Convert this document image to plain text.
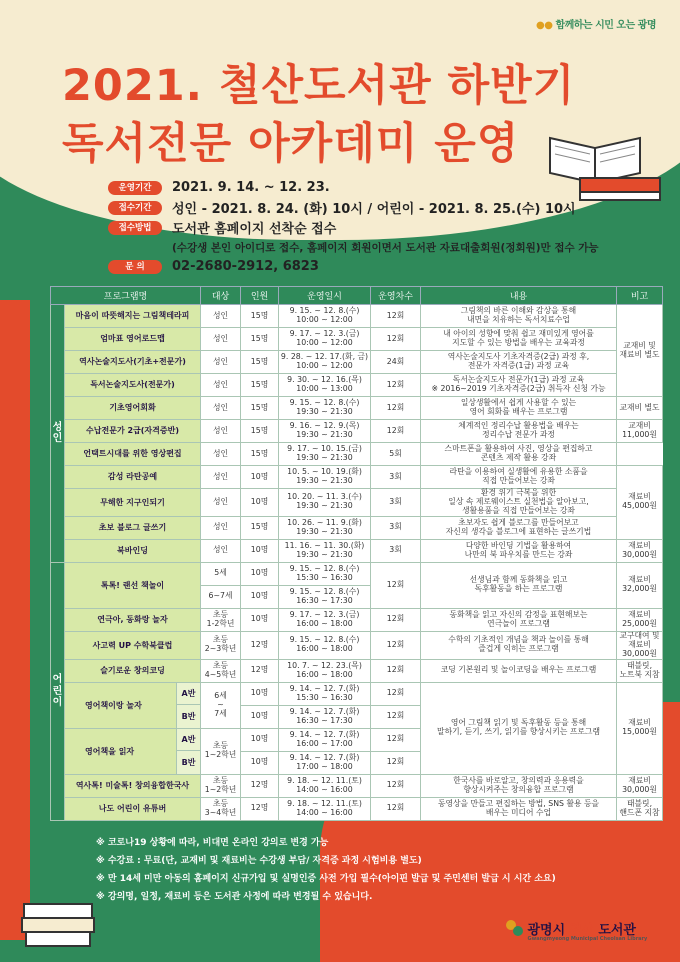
●● 함께하는 시민 오는 광명
2021. 철산도서관 하반기
독서전문 아카데미 운영
운영기간	2021. 9. 14. ~ 12. 23.
접수기간	성인 - 2021. 8. 24. (화) 10시 / 어린이 - 2021. 8. 25.(수) 10시
접수방법	도서관 홈페이지 선착순 접수
(수강생 본인 아이디로 접수, 홈페이지 회원이면서 도서관 자료대출회원(정회원)만 접수 가능
문 의	02-2680-2912, 6823
프로그램명		대상	인원	운영일시	운영차수	내용	비고
성인	마음이 따뜻해지는 그림책테라피	성인	15명	9. 15. ~ 12. 8.(수)
10:00 ~ 12:00	12회	그림책의 바른 이해와 감상을 통해
내면을 치유하는 독서치료수업	교재비 및
재료비 별도
	엄마표 영어로드맵	성인	15명	9. 17. ~ 12. 3.(금)
10:00 ~ 12:00	12회	내 아이의 성향에 맞춰 쉽고 재미있게 영어를
지도할 수 있는 방법을 배우는 교육과정	
	역사논술지도사(기초+전문가)	성인	15명	9. 28. ~ 12. 17.(화, 금)
10:00 ~ 12:00	24회	역사논술지도사 기초자격증(2급) 과정 후,
전문가 자격증(1급) 과정 교육	
	독서논술지도사(전문가)	성인	15명	9. 30. ~ 12. 16.(목)
10:00 ~ 13:00	12회	독서논술지도사 전문가(1급) 과정 교육
※ 2016~2019 기초자격증(2급) 취득자 신청 가능	
	기초영어회화	성인	15명	9. 15. ~ 12. 8.(수)
19:30 ~ 21:30	12회	일상생활에서 쉽게 사용할 수 있는
영어 회화를 배우는 프로그램	교재비 별도
	수납전문가 2급(자격증반)	성인	15명	9. 16. ~ 12. 9.(목)
19:30 ~ 21:30	12회	체계적인 정리수납 활용법을 배우는
정리수납 전문가 과정	교재비
11,000원
	언택트시대를 위한 영상편집	성인	15명	9. 17. ~ 10. 15.(금)
19:30 ~ 21:30	5회	스마트폰을 활용하여 사진, 영상을 편집하고
콘텐츠 제작 활용 강좌	
	감성 라탄공예	성인	10명	10. 5. ~ 10. 19.(화)
19:30 ~ 21:30	3회	라탄을 이용하여 실생활에 유용한 소품을
직접 만들어보는 강좌	재료비
45,000원
	무해한 지구인되기	성인	10명	10. 20. ~ 11. 3.(수)
19:30 ~ 21:30	3회	환경 위기 극복을 위한
일상 속 제로웨이스트 실천법을 알아보고,
생활용품을 직접 만들어보는 강좌	
	초보 블로그 글쓰기	성인	15명	10. 26. ~ 11. 9.(화)
19:30 ~ 21:30	3회	초보자도 쉽게 블로그를 만들어보고
자신의 생각을 블로그에 표현하는 글쓰기법	
	북바인딩	성인	10명	11. 16. ~ 11. 30.(화)
19:30 ~ 21:30	3회	다양한 바인딩 기법을 활용하여
나만의 북 파우치를 만드는 강좌	재료비
30,000원
어린이	톡톡! 랜선 책놀이	5세	10명	9. 15. ~ 12. 8.(수)
15:30 ~ 16:30	12회	선생님과 함께 동화책을 읽고
독후활동을 하는 프로그램	재료비
32,000원
		6~7세	10명	9. 15. ~ 12. 8.(수)
16:30 ~ 17:30			
	연극아, 동화랑 놀자	초등
1-2학년	10명	9. 17. ~ 12. 3.(금)
16:00 ~ 18:00	12회	동화책을 읽고 자신의 감정을 표현해보는
연극놀이 프로그램	재료비
25,000원
	사고력 UP 수학북클럽	초등
2~3학년	12명	9. 15. ~ 12. 8.(수)
16:00 ~ 18:00	12회	수학의 기초적인 개념을 책과 놀이를 통해
즐겁게 익히는 프로그램	교구대여 및
재료비
30,000원
	슬기로운 창의코딩	초등
4~5학년	12명	10. 7. ~ 12. 23.(목)
16:00 ~ 18:00	12회	코딩 기본원리 및 놀이코딩을 배우는 프로그램	태블릿,
노트북 지참
	영어책이랑 놀자
A반
B반	6세
~
7세	10명	9. 14. ~ 12. 7.(화)
15:30 ~ 16:30	12회	영어 그림책 읽기 및 독후활동 등을 통해
말하기, 듣기, 쓰기, 읽기를 향상시키는 프로그램	재료비
15,000원
			10명	9. 14. ~ 12. 7.(화)
16:30 ~ 17:30	12회		
	영어책을 읽자
A반
B반	초등
1~2학년	10명	9. 14. ~ 12. 7.(화)
16:00 ~ 17:00	12회		
			10명	9. 14. ~ 12. 7.(화)
17:00 ~ 18:00	12회		
	역사톡! 미술톡! 창의융합한국사	초등
1~2학년	12명	9. 18. ~ 12. 11.(토)
14:00 ~ 16:00	12회	한국사를 바로알고, 창의력과 응용력을
향상시켜주는 창의융합 프로그램	재료비
30,000원
	나도 어린이 유튜버	초등
3~4학년	12명	9. 18. ~ 12. 11.(토)
14:00 ~ 16:00	12회	동영상을 만들고 편집하는 방법, SNS 활용 등을
배우는 미디어 수업	태블릿,
핸드폰 지참
※ 코로나19 상황에 따라, 비대면 온라인 강의로 변경 가능
※ 수강료 : 무료(단, 교재비 및 재료비는 수강생 부담/ 자격증 과정 시험비용 별도)
※ 만 14세 미만 아동의 홈페이지 신규가입 및 실명인증 사전 가입 필수(아이핀 발급 및 주민센터 발급 시 시간 소요)
※ 강의명, 일정, 재료비 등은 도서관 사정에 따라 변경될 수 있습니다.
광명시 철산 도서관
Gwangmyeong Municipal Cheolsan Library
